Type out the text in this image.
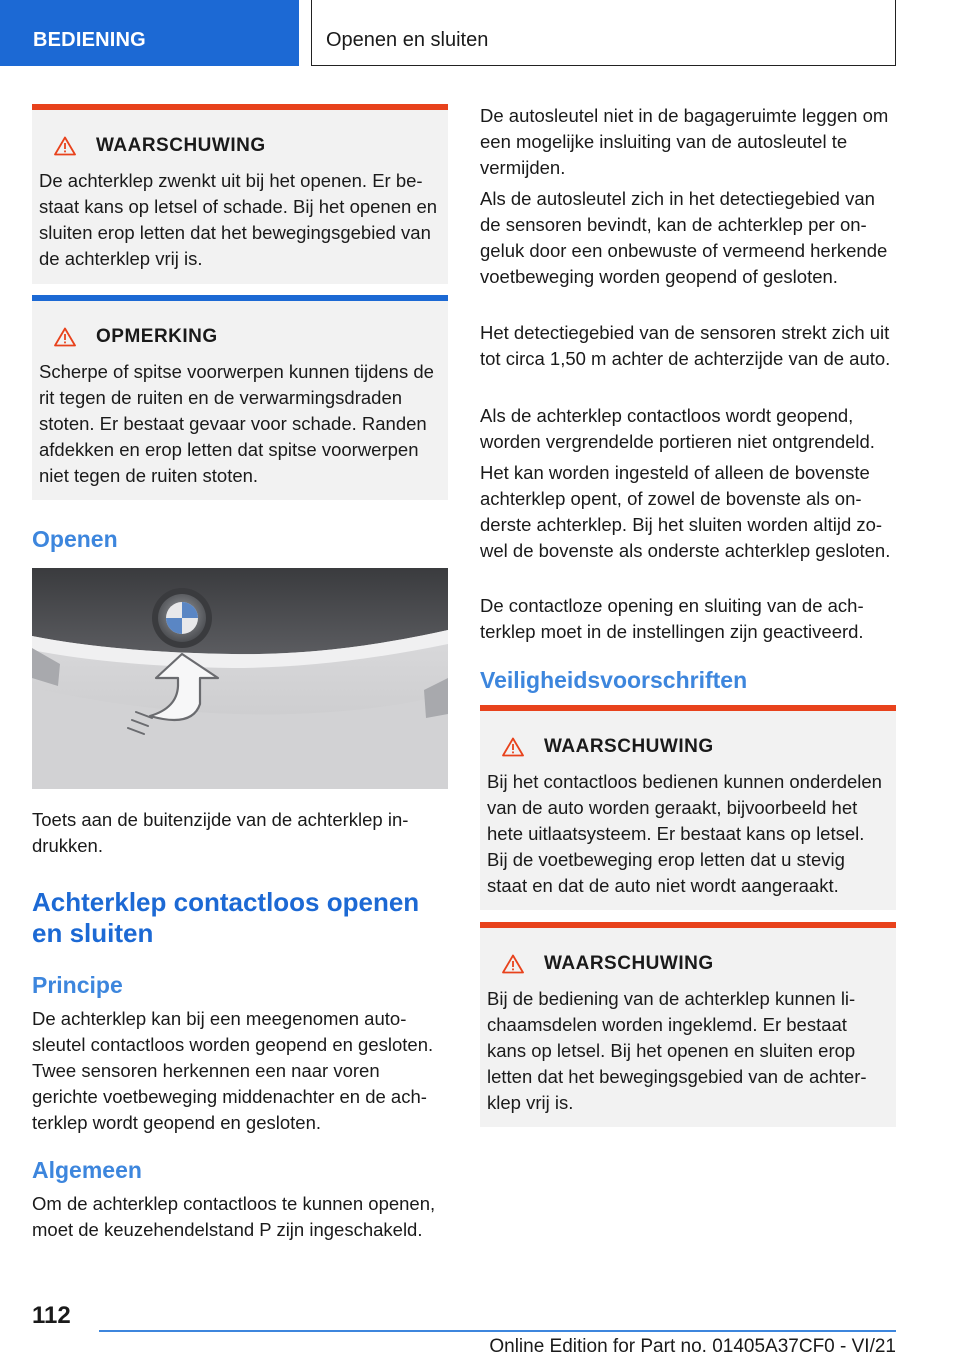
BEDIENING	Openen en sluiten
WAARSCHUWING
De achterklep zwenkt uit bij het openen. Er bestaat kans op letsel of schade. Bij het openen en sluiten erop letten dat het bewegingsgebied van de achterklep vrij is.
OPMERKING
Scherpe of spitse voorwerpen kunnen tijdens de rit tegen de ruiten en de verwarmingsdraden stoten. Er bestaat gevaar voor schade. Randen afdekken en erop letten dat spitse voorwerpen niet tegen de ruiten stoten.
Openen
Toets aan de buitenzijde van de achterklep indrukken.
Achterklep contactloos openen en sluiten
Principe
De achterklep kan bij een meegenomen autosleutel contactloos worden geopend en gesloten. Twee sensoren herkennen een naar voren gerichte voetbeweging middenachter en de achterklep wordt geopend en gesloten.
Algemeen
Om de achterklep contactloos te kunnen openen, moet de keuzehendelstand P zijn ingeschakeld.
De autosleutel niet in de bagageruimte leggen om een mogelijke insluiting van de autosleutel te vermijden.
Als de autosleutel zich in het detectiegebied van de sensoren bevindt, kan de achterklep per ongeluk door een onbewuste of vermeend herkende voetbeweging worden geopend of gesloten.
Het detectiegebied van de sensoren strekt zich uit tot circa 1,50 m achter de achterzijde van de auto.
Als de achterklep contactloos wordt geopend, worden vergrendelde portieren niet ontgrendeld.
Het kan worden ingesteld of alleen de bovenste achterklep opent, of zowel de bovenste als onderste achterklep. Bij het sluiten worden altijd zowel de bovenste als onderste achterklep gesloten.
De contactloze opening en sluiting van de achterklep moet in de instellingen zijn geactiveerd.
Veiligheidsvoorschriften
WAARSCHUWING
Bij het contactloos bedienen kunnen onderdelen van de auto worden geraakt, bijvoorbeeld het hete uitlaatsysteem. Er bestaat kans op letsel. Bij de voetbeweging erop letten dat u stevig staat en dat de auto niet wordt aangeraakt.
WAARSCHUWING
Bij de bediening van de achterklep kunnen lichaamsdelen worden ingeklemd. Er bestaat kans op letsel. Bij het openen en sluiten erop letten dat het bewegingsgebied van de achterklep vrij is.
112
Online Edition for Part no. 01405A37CF0 - VI/21
